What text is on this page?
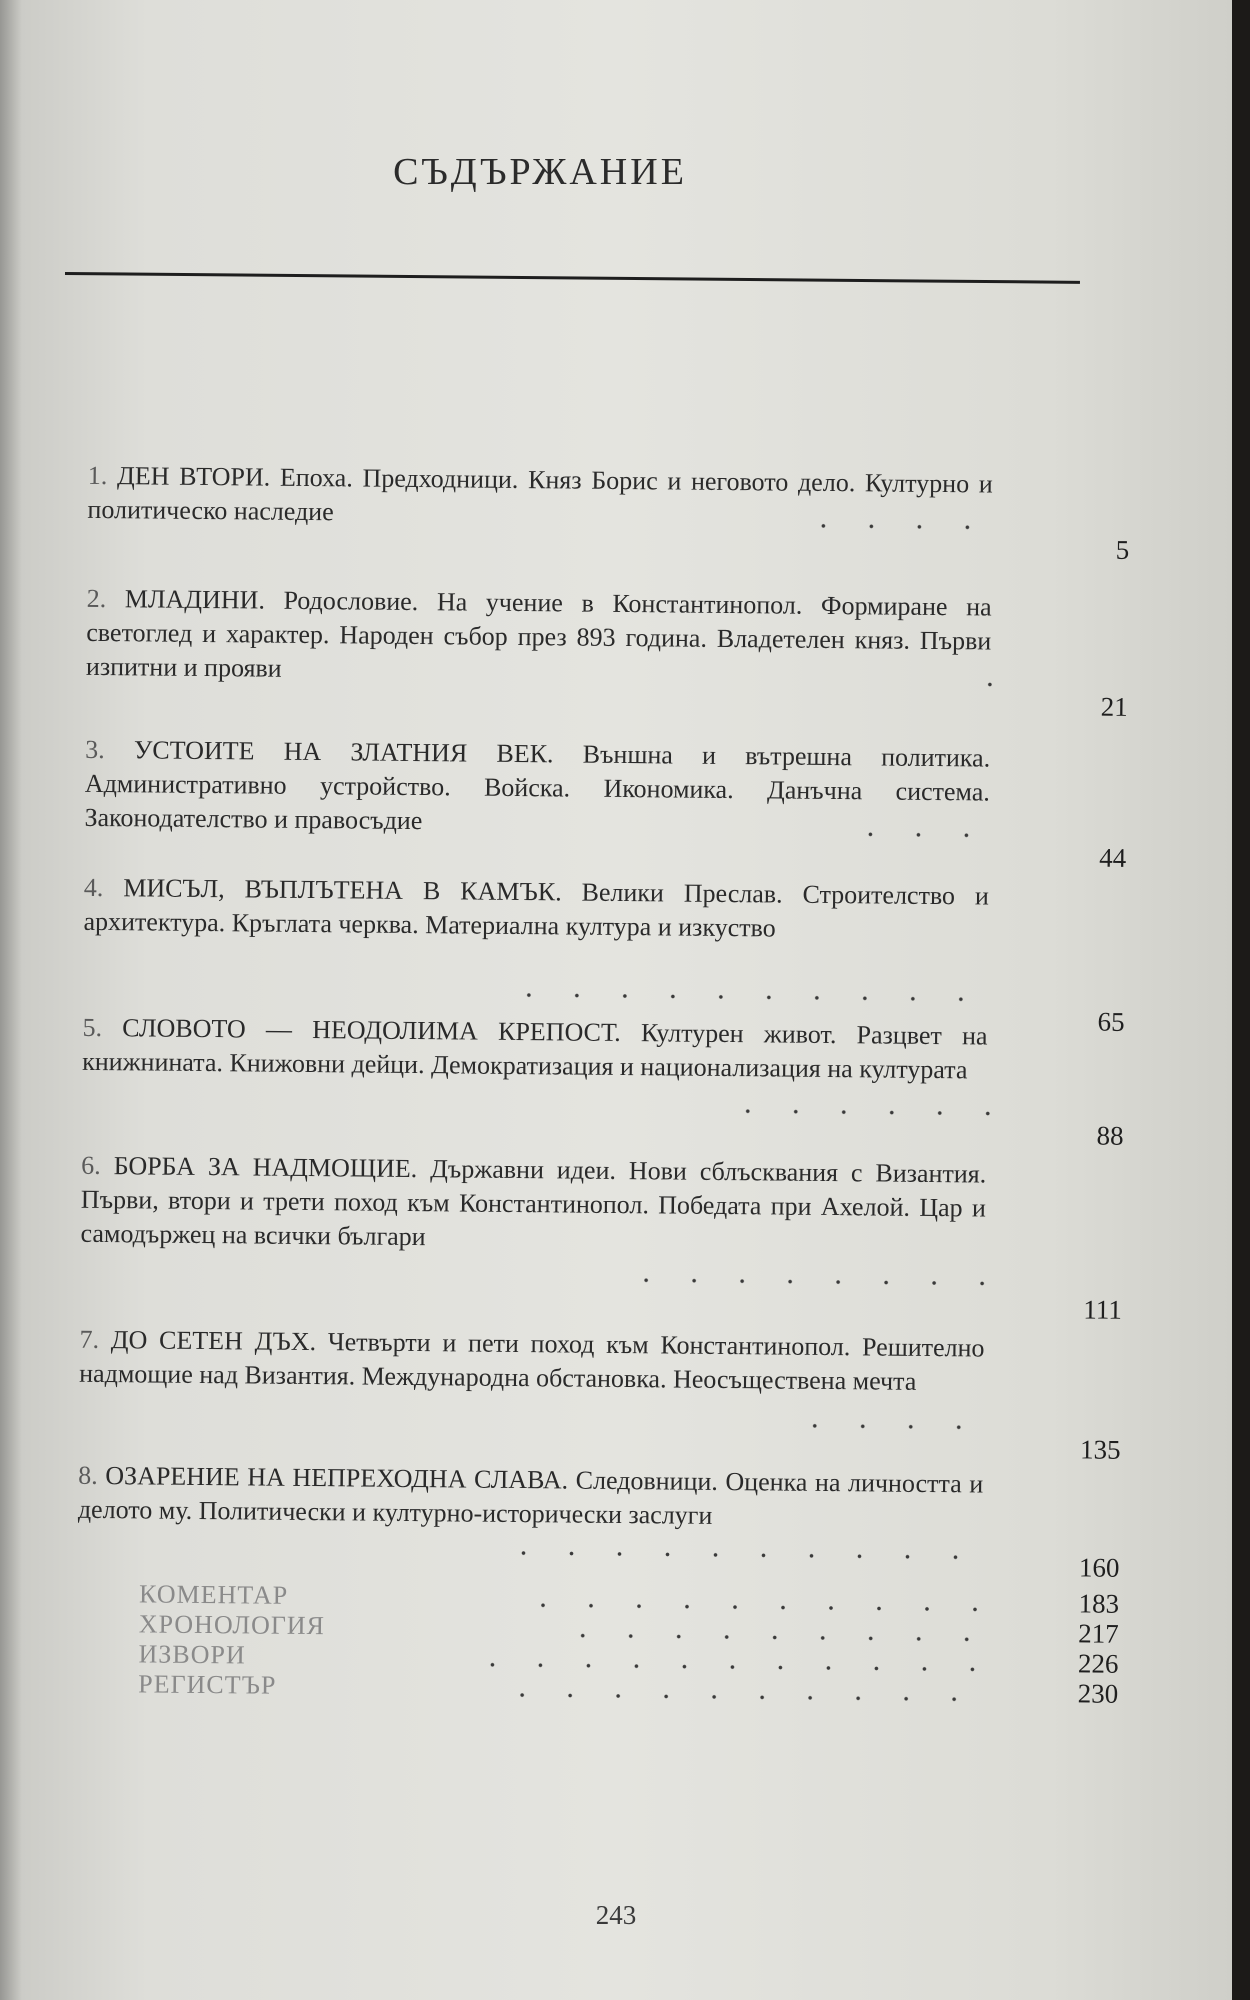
СЪДЪРЖАНИЕ
1. ДЕН ВТОРИ. Епоха. Предходници. Княз Борис и неговото дело. Културно и политическо наследие
5
2. МЛАДИНИ. Родословие. На учение в Константинопол. Формиране на светоглед и характер. Народен събор през 893 година. Владетелен княз. Първи изпитни и прояви
21
3. УСТОИТЕ НА ЗЛАТНИЯ ВЕК. Външна и вътрешна политика. Административно устройство. Войска. Икономика. Данъчна система. Законодателство и правосъдие
44
4. МИСЪЛ, ВЪПЛЪТЕНА В КАМЪК. Велики Преслав. Строителство и архитектура. Кръглата черква. Материална култура и изкуство
65
5. СЛОВОТО — НЕОДОЛИМА КРЕПОСТ. Културен живот. Разцвет на книжнината. Книжовни дейци. Демократизация и национализация на културата
88
6. БОРБА ЗА НАДМОЩИЕ. Държавни идеи. Нови сблъсквания с Византия. Първи, втори и трети поход към Константинопол. Победата при Ахелой. Цар и самодържец на всички българи
111
7. ДО СЕТЕН ДЪХ. Четвърти и пети поход към Константинопол. Решително надмощие над Византия. Международна обстановка. Неосъществена мечта
135
8. ОЗАРЕНИЕ НА НЕПРЕХОДНА СЛАВА. Следовници. Оценка на личността и делото му. Политически и културно-исторически заслуги
160
КОМЕНТАР	183
ХРОНОЛОГИЯ	217
ИЗВОРИ	226
РЕГИСТЪР	230
243
